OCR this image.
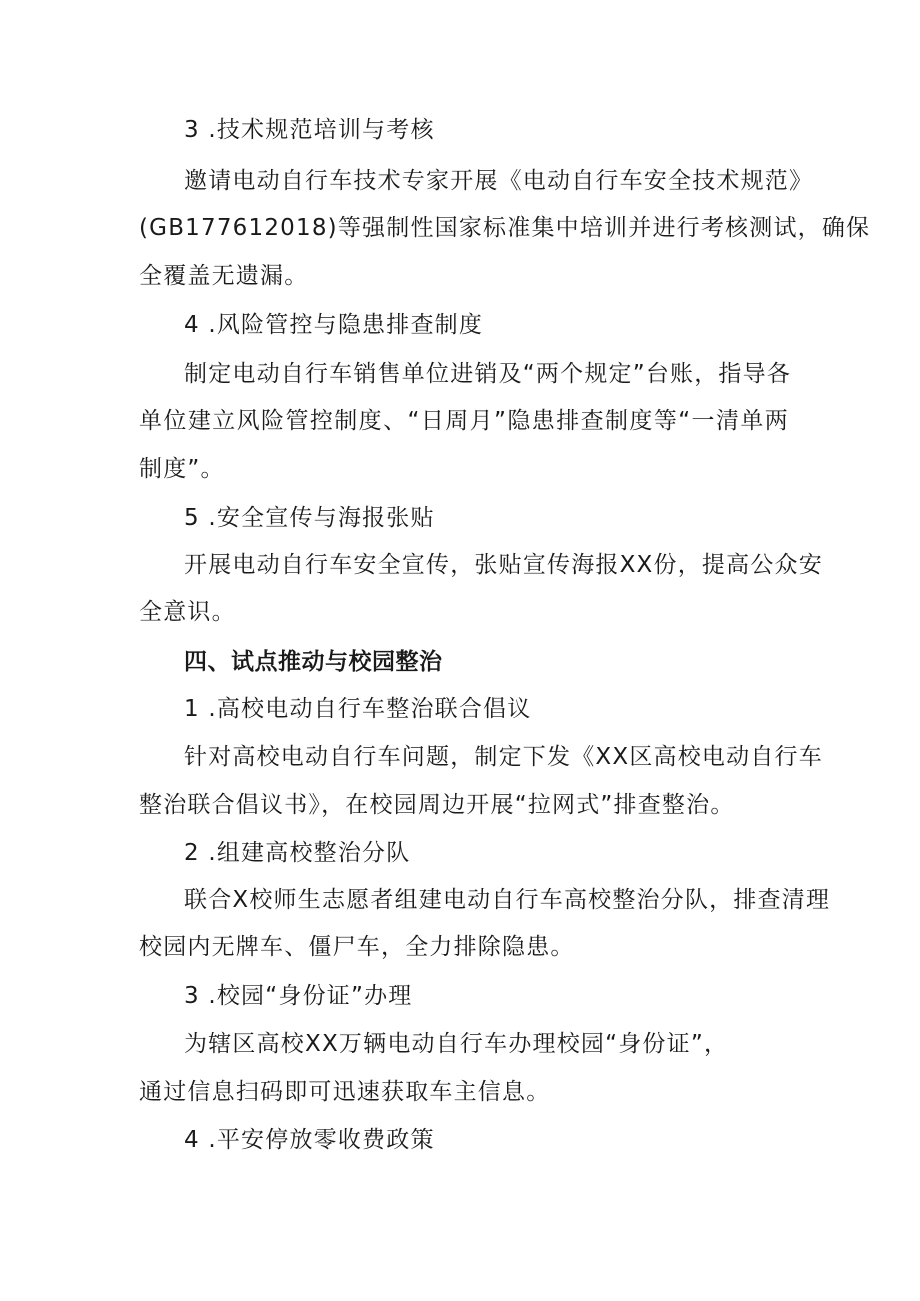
3 .技术规范培训与考核
邀请电动自行车技术专家开展《电动自行车安全技术规范》
(GB177612018)等强制性国家标准集中培训并进行考核测试，确保
全覆盖无遗漏。
4 .风险管控与隐患排查制度
制定电动自行车销售单位进销及“两个规定”台账，指导各
单位建立风险管控制度、“日周月”隐患排查制度等“一清单两
制度”。
5 .安全宣传与海报张贴
开展电动自行车安全宣传，张贴宣传海报XX份，提高公众安
全意识。
四、试点推动与校园整治
1 .高校电动自行车整治联合倡议
针对高校电动自行车问题，制定下发《XX区高校电动自行车
整治联合倡议书》，在校园周边开展“拉网式”排查整治。
2 .组建高校整治分队
联合X校师生志愿者组建电动自行车高校整治分队，排查清理
校园内无牌车、僵尸车，全力排除隐患。
3 .校园“身份证”办理
为辖区高校XX万辆电动自行车办理校园“身份证”，
通过信息扫码即可迅速获取车主信息。
4 .平安停放零收费政策
